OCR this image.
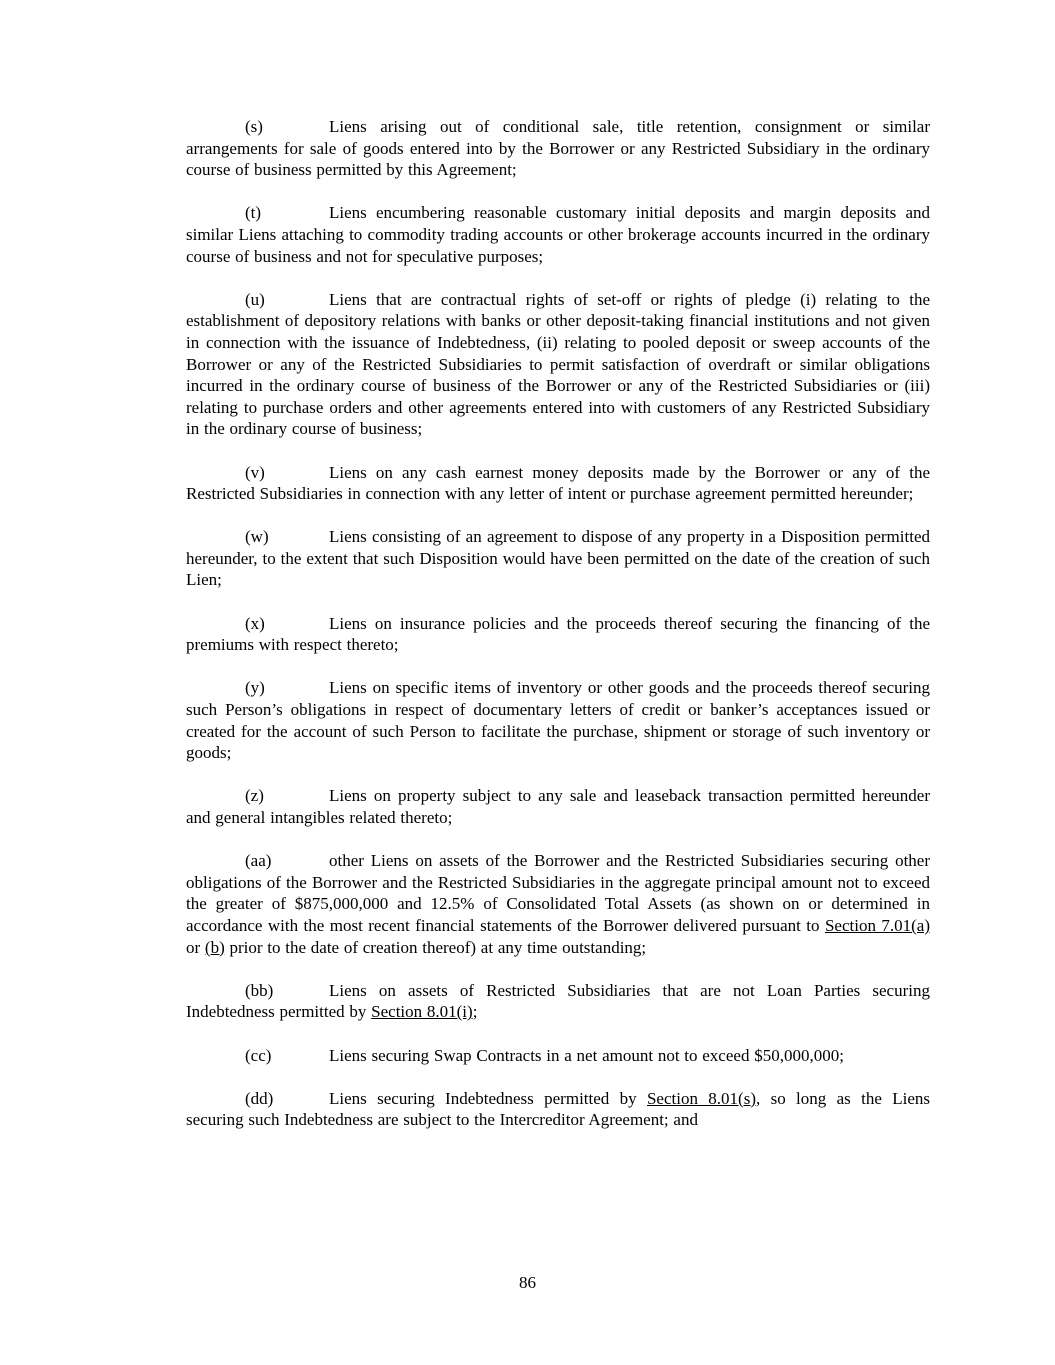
(s)	Liens arising out of conditional sale, title retention, consignment or similar arrangements for sale of goods entered into by the Borrower or any Restricted Subsidiary in the ordinary course of business permitted by this Agreement;

(t)	Liens encumbering reasonable customary initial deposits and margin deposits and similar Liens attaching to commodity trading accounts or other brokerage accounts incurred in the ordinary course of business and not for speculative purposes;

(u)	Liens that are contractual rights of set-off or rights of pledge (i) relating to the establishment of depository relations with banks or other deposit-taking financial institutions and not given in connection with the issuance of Indebtedness, (ii) relating to pooled deposit or sweep accounts of the Borrower or any of the Restricted Subsidiaries to permit satisfaction of overdraft or similar obligations incurred in the ordinary course of business of the Borrower or any of the Restricted Subsidiaries or (iii) relating to purchase orders and other agreements entered into with customers of any Restricted Subsidiary in the ordinary course of business;

(v)	Liens on any cash earnest money deposits made by the Borrower or any of the Restricted Subsidiaries in connection with any letter of intent or purchase agreement permitted hereunder;

(w)	Liens consisting of an agreement to dispose of any property in a Disposition permitted hereunder, to the extent that such Disposition would have been permitted on the date of the creation of such Lien;

(x)	Liens on insurance policies and the proceeds thereof securing the financing of the premiums with respect thereto;

(y)	Liens on specific items of inventory or other goods and the proceeds thereof securing such Person’s obligations in respect of documentary letters of credit or banker’s acceptances issued or created for the account of such Person to facilitate the purchase, shipment or storage of such inventory or goods;

(z)	Liens on property subject to any sale and leaseback transaction permitted hereunder and general intangibles related thereto;

(aa)	other Liens on assets of the Borrower and the Restricted Subsidiaries securing other obligations of the Borrower and the Restricted Subsidiaries in the aggregate principal amount not to exceed the greater of $875,000,000 and 12.5% of Consolidated Total Assets (as shown on or determined in accordance with the most recent financial statements of the Borrower delivered pursuant to Section 7.01(a) or (b) prior to the date of creation thereof) at any time outstanding;

(bb)	Liens on assets of Restricted Subsidiaries that are not Loan Parties securing Indebtedness permitted by Section 8.01(i);

(cc)	Liens securing Swap Contracts in a net amount not to exceed $50,000,000;

(dd)	Liens securing Indebtedness permitted by Section 8.01(s), so long as the Liens securing such Indebtedness are subject to the Intercreditor Agreement; and

86
